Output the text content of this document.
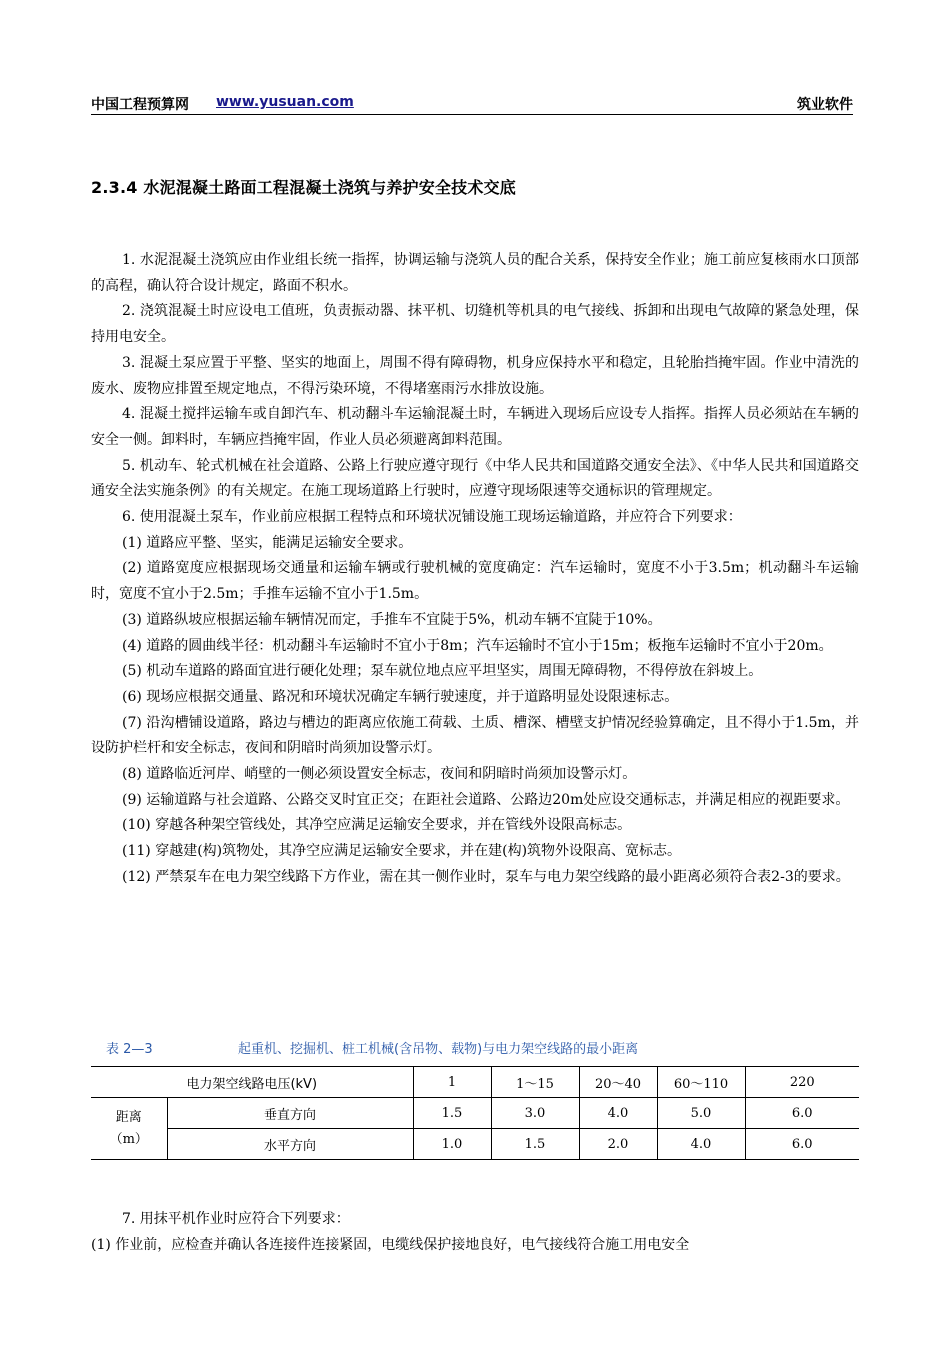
中国工程预算网 www.yusuan.com	筑业软件
2.3.4 水泥混凝土路面工程混凝土浇筑与养护安全技术交底

1. 水泥混凝土浇筑应由作业组长统一指挥，协调运输与浇筑人员的配合关系，保持安全作业；施工前应复核雨水口顶部的高程，确认符合设计规定，路面不积水。

2. 浇筑混凝土时应设电工值班，负责振动器、抹平机、切缝机等机具的电气接线、拆卸和出现电气故障的紧急处理，保持用电安全。

3. 混凝土泵应置于平整、坚实的地面上，周围不得有障碍物，机身应保持水平和稳定，且轮胎挡掩牢固。作业中清洗的废水、废物应排置至规定地点，不得污染环境，不得堵塞雨污水排放设施。

4. 混凝土搅拌运输车或自卸汽车、机动翻斗车运输混凝土时，车辆进入现场后应设专人指挥。指挥人员必须站在车辆的安全一侧。卸料时，车辆应挡掩牢固，作业人员必须避离卸料范围。

5. 机动车、轮式机械在社会道路、公路上行驶应遵守现行《中华人民共和国道路交通安全法》、《中华人民共和国道路交通安全法实施条例》的有关规定。在施工现场道路上行驶时，应遵守现场限速等交通标识的管理规定。

6. 使用混凝土泵车，作业前应根据工程特点和环境状况铺设施工现场运输道路，并应符合下列要求：

(1) 道路应平整、坚实，能满足运输安全要求。

(2) 道路宽度应根据现场交通量和运输车辆或行驶机械的宽度确定：汽车运输时，宽度不小于3.5m；机动翻斗车运输时，宽度不宜小于2.5m；手推车运输不宜小于1.5m。

(3) 道路纵坡应根据运输车辆情况而定，手推车不宜陡于5%，机动车辆不宜陡于10%。

(4) 道路的圆曲线半径：机动翻斗车运输时不宜小于8m；汽车运输时不宜小于15m；板拖车运输时不宜小于20m。

(5) 机动车道路的路面宜进行硬化处理；泵车就位地点应平坦坚实，周围无障碍物，不得停放在斜坡上。

(6) 现场应根据交通量、路况和环境状况确定车辆行驶速度，并于道路明显处设限速标志。

(7) 沿沟槽铺设道路，路边与槽边的距离应依施工荷载、土质、槽深、槽壁支护情况经验算确定，且不得小于1.5m，并设防护栏杆和安全标志，夜间和阴暗时尚须加设警示灯。

(8) 道路临近河岸、峭壁的一侧必须设置安全标志，夜间和阴暗时尚须加设警示灯。

(9) 运输道路与社会道路、公路交叉时宜正交；在距社会道路、公路边20m处应设交通标志，并满足相应的视距要求。

(10) 穿越各种架空管线处，其净空应满足运输安全要求，并在管线外设限高标志。

(11) 穿越建(构)筑物处，其净空应满足运输安全要求，并在建(构)筑物外设限高、宽标志。

(12) 严禁泵车在电力架空线路下方作业，需在其一侧作业时，泵车与电力架空线路的最小距离必须符合表2-3的要求。

表 2—3	起重机、挖掘机、桩工机械(含吊物、载物)与电力架空线路的最小距离
电力架空线路电压(kV)		1	1～15	20～40	60～110	220

距离
（m）	垂直方向	1.5	3.0	4.0	5.0	6.0
	水平方向	1.0	1.5	2.0	4.0	6.0

7. 用抹平机作业时应符合下列要求：

(1) 作业前，应检查并确认各连接件连接紧固，电缆线保护接地良好，电气接线符合施工用电安全
